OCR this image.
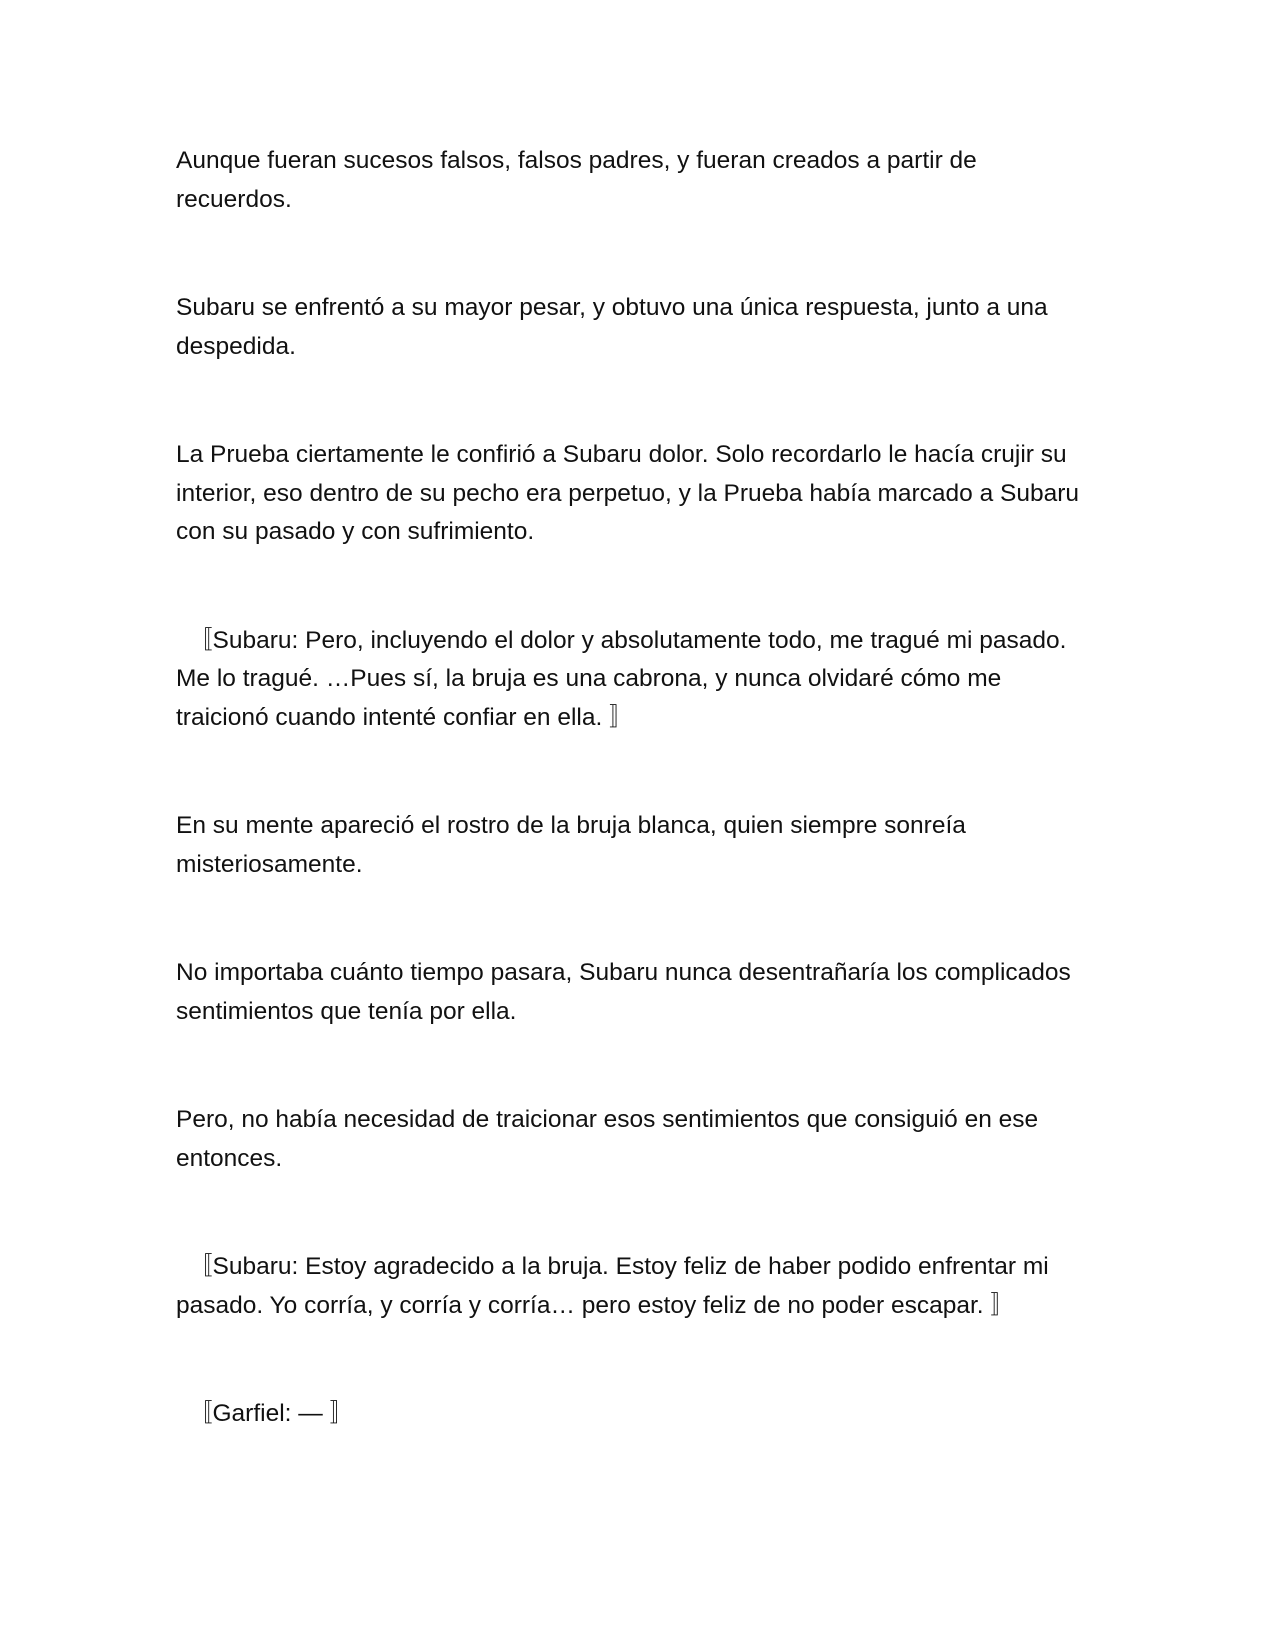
Aunque fueran sucesos falsos, falsos padres, y fueran creados a partir de recuerdos.

Subaru se enfrentó a su mayor pesar, y obtuvo una única respuesta, junto a una despedida.

La Prueba ciertamente le confirió a Subaru dolor. Solo recordarlo le hacía crujir su interior, eso dentro de su pecho era perpetuo, y la Prueba había marcado a Subaru con su pasado y con sufrimiento.

〚Subaru: Pero, incluyendo el dolor y absolutamente todo, me tragué mi pasado. Me lo tragué. …Pues sí, la bruja es una cabrona, y nunca olvidaré cómo me traicionó cuando intenté confiar en ella. 〛

En su mente apareció el rostro de la bruja blanca, quien siempre sonreía misteriosamente.

No importaba cuánto tiempo pasara, Subaru nunca desentrañaría los complicados sentimientos que tenía por ella.

Pero, no había necesidad de traicionar esos sentimientos que consiguió en ese entonces.

〚Subaru: Estoy agradecido a la bruja. Estoy feliz de haber podido enfrentar mi pasado. Yo corría, y corría y corría… pero estoy feliz de no poder escapar. 〛

〚Garfiel: — 〛
